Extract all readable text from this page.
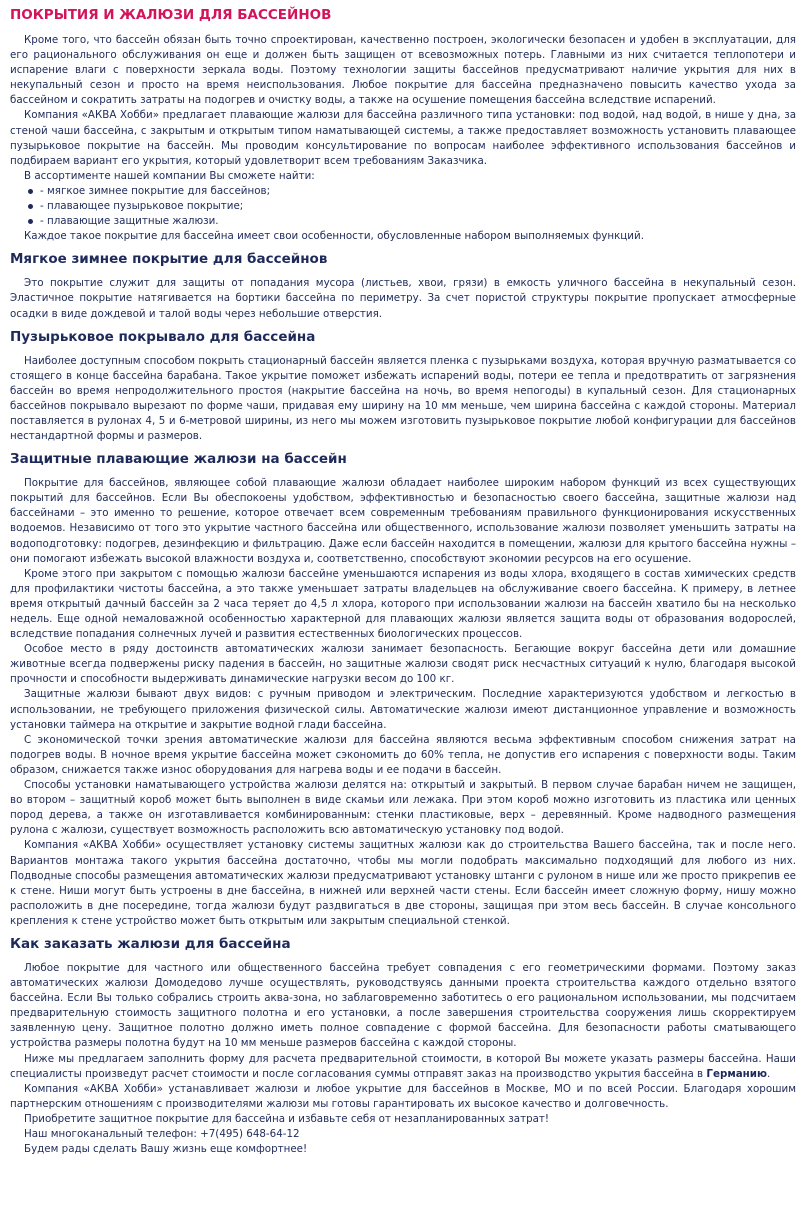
ПОКРЫТИЯ И ЖАЛЮЗИ ДЛЯ БАССЕЙНОВ

Кроме того, что бассейн обязан быть точно спроектирован, качественно построен, экологически безопасен и удобен в эксплуатации, для его рационального обслуживания он еще и должен быть защищен от всевозможных потерь. Главными из них считается теплопотери и испарение влаги с поверхности зеркала воды. Поэтому технологии защиты бассейнов предусматривают наличие укрытия для них в некупальный сезон и просто на время неиспользования. Любое покрытие для бассейна предназначено повысить качество ухода за бассейном и сократить затраты на подогрев и очистку воды, а также на осушение помещения бассейна вследствие испарений.

Компания «АКВА Хобби» предлагает плавающие жалюзи для бассейна различного типа установки: под водой, над водой, в нише у дна, за стеной чаши бассейна, с закрытым и открытым типом наматывающей системы, а также предоставляет возможность установить плавающее пузырьковое покрытие на бассейн. Мы проводим консультирование по вопросам наиболее эффективного использования бассейнов и подбираем вариант его укрытия, который удовлетворит всем требованиям Заказчика.

В ассортименте нашей компании Вы сможете найти:

- мягкое зимнее покрытие для бассейнов;
- плавающее пузырьковое покрытие;
- плавающие защитные жалюзи.

Каждое такое покрытие для бассейна имеет свои особенности, обусловленные набором выполняемых функций.

Мягкое зимнее покрытие для бассейнов

Это покрытие служит для защиты от попадания мусора (листьев, хвои, грязи) в емкость уличного бассейна в некупальный сезон. Эластичное покрытие натягивается на бортики бассейна по периметру. За счет пористой структуры покрытие пропускает атмосферные осадки в виде дождевой и талой воды через небольшие отверстия.

Пузырьковое покрывало для бассейна

Наиболее доступным способом покрыть стационарный бассейн является пленка с пузырьками воздуха, которая вручную разматывается со стоящего в конце бассейна барабана. Такое укрытие поможет избежать испарений воды, потери ее тепла и предотвратить от загрязнения бассейн во время непродолжительного простоя (накрытие бассейна на ночь, во время непогоды) в купальный сезон. Для стационарных бассейнов покрывало вырезают по форме чаши, придавая ему ширину на 10 мм меньше, чем ширина бассейна с каждой стороны. Материал поставляется в рулонах 4, 5 и 6-метровой ширины, из него мы можем изготовить пузырьковое покрытие любой конфигурации для бассейнов нестандартной формы и размеров.

Защитные плавающие жалюзи на бассейн

Покрытие для бассейнов, являющее собой плавающие жалюзи обладает наиболее широким набором функций из всех существующих покрытий для бассейнов. Если Вы обеспокоены удобством, эффективностью и безопасностью своего бассейна, защитные жалюзи над бассейнами – это именно то решение, которое отвечает всем современным требованиям правильного функционирования искусственных водоемов. Независимо от того это укрытие частного бассейна или общественного, использование жалюзи позволяет уменьшить затраты на водоподготовку: подогрев, дезинфекцию и фильтрацию. Даже если бассейн находится в помещении, жалюзи для крытого бассейна нужны – они помогают избежать высокой влажности воздуха и, соответственно, способствуют экономии ресурсов на его осушение.

Кроме этого при закрытом с помощью жалюзи бассейне уменьшаются испарения из воды хлора, входящего в состав химических средств для профилактики чистоты бассейна, а это также уменьшает затраты владельцев на обслуживание своего бассейна. К примеру, в летнее время открытый дачный бассейн за 2 часа теряет до 4,5 л хлора, которого при использовании жалюзи на бассейн хватило бы на несколько недель. Еще одной немаловажной особенностью характерной для плавающих жалюзи является защита воды от образования водорослей, вследствие попадания солнечных лучей и развития естественных биологических процессов.

Особое место в ряду достоинств автоматических жалюзи занимает безопасность. Бегающие вокруг бассейна дети или домашние животные всегда подвержены риску падения в бассейн, но защитные жалюзи сводят риск несчастных ситуаций к нулю, благодаря высокой прочности и способности выдерживать динамические нагрузки весом до 100 кг.

Защитные жалюзи бывают двух видов: с ручным приводом и электрическим. Последние характеризуются удобством и легкостью в использовании, не требующего приложения физической силы. Автоматические жалюзи имеют дистанционное управление и возможность установки таймера на открытие и закрытие водной глади бассейна.

С экономической точки зрения автоматические жалюзи для бассейна являются весьма эффективным способом снижения затрат на подогрев воды. В ночное время укрытие бассейна может сэкономить до 60% тепла, не допустив его испарения с поверхности воды. Таким образом, снижается также износ оборудования для нагрева воды и ее подачи в бассейн.

Способы установки наматывающего устройства жалюзи делятся на: открытый и закрытый. В первом случае барабан ничем не защищен, во втором – защитный короб может быть выполнен в виде скамьи или лежака. При этом короб можно изготовить из пластика или ценных пород дерева, а также он изготавливается комбинированным: стенки пластиковые, верх – деревянный. Кроме надводного размещения рулона с жалюзи, существует возможность расположить всю автоматическую установку под водой.

Компания «АКВА Хобби» осуществляет установку системы защитных жалюзи как до строительства Вашего бассейна, так и после него. Вариантов монтажа такого укрытия бассейна достаточно, чтобы мы могли подобрать максимально подходящий для любого из них. Подводные способы размещения автоматических жалюзи предусматривают установку штанги с рулоном в нише или же просто прикрепив ее к стене. Ниши могут быть устроены в дне бассейна, в нижней или верхней части стены. Если бассейн имеет сложную форму, нишу можно расположить в дне посередине, тогда жалюзи будут раздвигаться в две стороны, защищая при этом весь бассейн. В случае консольного крепления к стене устройство может быть открытым или закрытым специальной стенкой.

Как заказать жалюзи для бассейна

Любое покрытие для частного или общественного бассейна требует совпадения с его геометрическими формами. Поэтому заказ автоматических жалюзи Домодедово лучше осуществлять, руководствуясь данными проекта строительства каждого отдельно взятого бассейна. Если Вы только собрались строить аква-зона, но заблаговременно заботитесь о его рациональном использовании, мы подсчитаем предварительную стоимость защитного полотна и его установки, а после завершения строительства сооружения лишь скорректируем заявленную цену. Защитное полотно должно иметь полное совпадение с формой бассейна. Для безопасности работы сматывающего устройства размеры полотна будут на 10 мм меньше размеров бассейна с каждой стороны.

Ниже мы предлагаем заполнить форму для расчета предварительной стоимости, в которой Вы можете указать размеры бассейна. Наши специалисты произведут расчет стоимости и после согласования суммы отправят заказ на производство укрытия бассейна в Германию.

Компания «АКВА Хобби» устанавливает жалюзи и любое укрытие для бассейнов в Москве, МО и по всей России. Благодаря хорошим партнерским отношениям с производителями жалюзи мы готовы гарантировать их высокое качество и долговечность.

Приобретите защитное покрытие для бассейна и избавьте себя от незапланированных затрат!

Наш многоканальный телефон: +7(495) 648-64-12

Будем рады сделать Вашу жизнь еще комфортнее!
